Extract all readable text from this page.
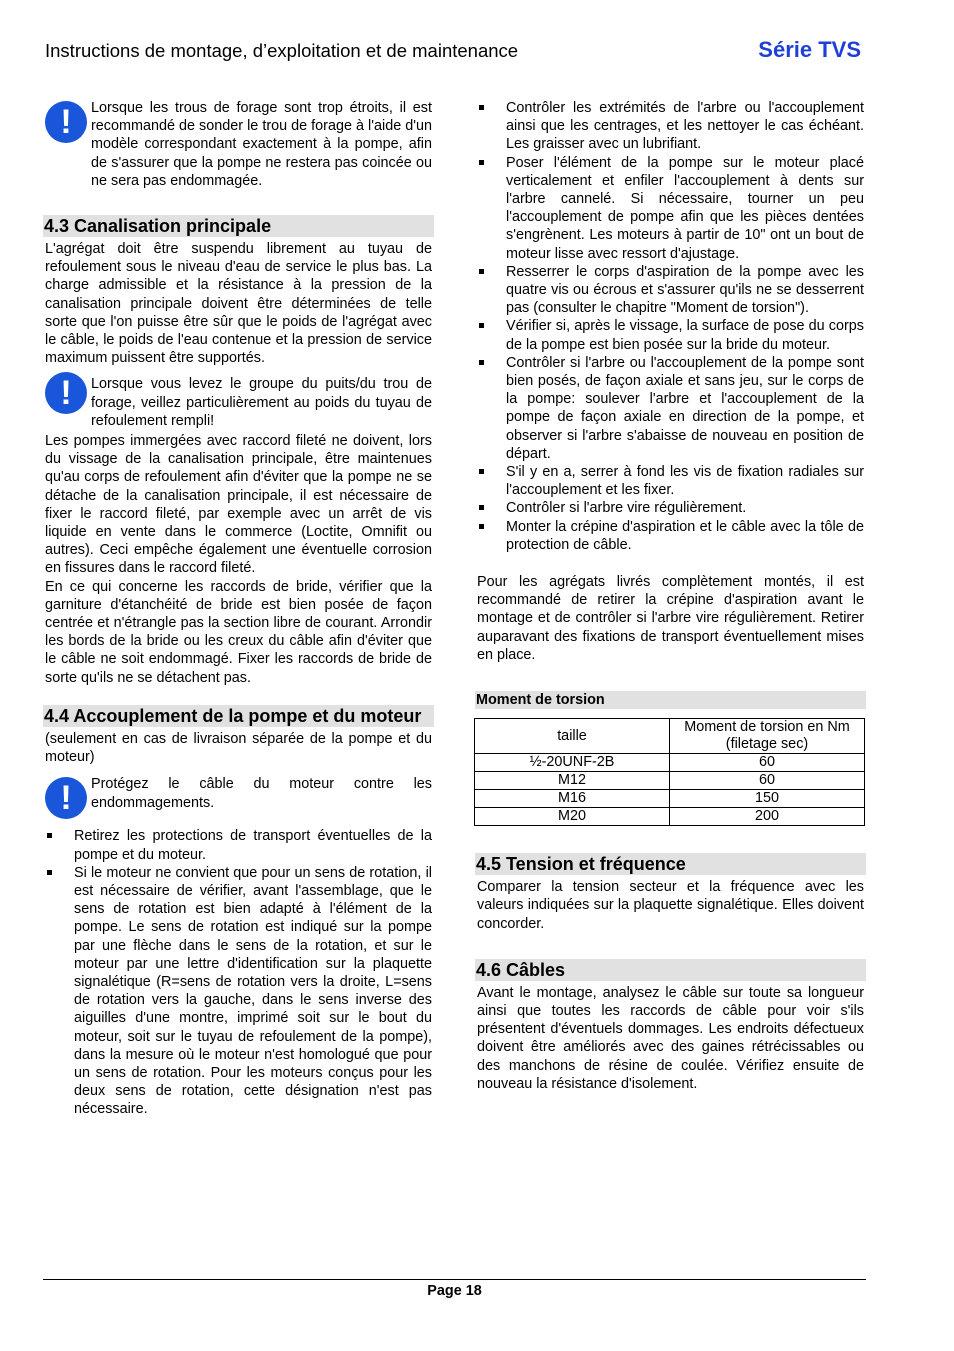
Instructions de montage, d’exploitation et de maintenance	Série TVS
!	Lorsque les trous de forage sont trop étroits, il est recommandé de sonder le trou de forage à l'aide d'un modèle correspondant exactement à la pompe, afin de s'assurer que la pompe ne restera pas coincée ou ne sera pas endommagée.

4.3 Canalisation principale

L'agrégat doit être suspendu librement au tuyau de refoulement sous le niveau d'eau de service le plus bas. La charge admissible et la résistance à la pression de la canalisation principale doivent être déterminées de telle sorte que l'on puisse être sûr que le poids de l'agrégat avec le câble, le poids de l'eau contenue et la pression de service maximum puissent être supportés.

!	Lorsque vous levez le groupe du puits/du trou de forage, veillez particulièrement au poids du tuyau de refoulement rempli!

Les pompes immergées avec raccord fileté ne doivent, lors du vissage de la canalisation principale, être maintenues qu'au corps de refoulement afin d'éviter que la pompe ne se détache de la canalisation principale, il est nécessaire de fixer le raccord fileté, par exemple avec un arrêt de vis liquide en vente dans le commerce (Loctite, Omnifit ou autres). Ceci empêche également une éventuelle corrosion en fissures dans le raccord fileté.

En ce qui concerne les raccords de bride, vérifier que la garniture d'étanchéité de bride est bien posée de façon centrée et n'étrangle pas la section libre de courant. Arrondir les bords de la bride ou les creux du câble afin d'éviter que le câble ne soit endommagé. Fixer les raccords de bride de sorte qu'ils ne se détachent pas.

4.4 Accouplement de la pompe et du moteur

(seulement en cas de livraison séparée de la pompe et du moteur)

!	Protégez le câble du moteur contre les endommagements.

Retirez les protections de transport éventuelles de la pompe et du moteur.
Si le moteur ne convient que pour un sens de rotation, il est nécessaire de vérifier, avant l'assemblage, que le sens de rotation est bien adapté à l'élément de la pompe. Le sens de rotation est indiqué sur la pompe par une flèche dans le sens de la rotation, et sur le moteur par une lettre d'identification sur la plaquette signalétique (R=sens de rotation vers la droite, L=sens de rotation vers la gauche, dans le sens inverse des aiguilles d'une montre, imprimé soit sur le bout du moteur, soit sur le tuyau de refoulement de la pompe), dans la mesure où le moteur n'est homologué que pour un sens de rotation. Pour les moteurs conçus pour les deux sens de rotation, cette désignation n'est pas nécessaire.
Contrôler les extrémités de l'arbre ou l'accouplement ainsi que les centrages, et les nettoyer le cas échéant. Les graisser avec un lubrifiant.
Poser l'élément de la pompe sur le moteur placé verticalement et enfiler l'accouplement à dents sur l'arbre cannelé. Si nécessaire, tourner un peu l'accouplement de pompe afin que les pièces dentées s'engrènent. Les moteurs à partir de 10" ont un bout de moteur lisse avec ressort d'ajustage.
Resserrer le corps d'aspiration de la pompe avec les quatre vis ou écrous et s'assurer qu'ils ne se desserrent pas (consulter le chapitre "Moment de torsion").
Vérifier si, après le vissage, la surface de pose du corps de la pompe est bien posée sur la bride du moteur.
Contrôler si l'arbre ou l'accouplement de la pompe sont bien posés, de façon axiale et sans jeu, sur le corps de la pompe: soulever l'arbre et l'accouplement de la pompe de façon axiale en direction de la pompe, et observer si l'arbre s'abaisse de nouveau en position de départ.
S'il y en a, serrer à fond les vis de fixation radiales sur l'accouplement et les fixer.
Contrôler si l'arbre vire régulièrement.
Monter la crépine d'aspiration et le câble avec la tôle de protection de câble.

Pour les agrégats livrés complètement montés, il est recommandé de retirer la crépine d'aspiration avant le montage et de contrôler si l'arbre vire régulièrement. Retirer auparavant des fixations de transport éventuellement mises en place.

Moment de torsion
taille	Moment de torsion en Nm (filetage sec)
½-20UNF-2B	60
M12	60
M16	150
M20	200
4.5 Tension et fréquence

Comparer la tension secteur et la fréquence avec les valeurs indiquées sur la plaquette signalétique. Elles doivent concorder.

4.6 Câbles

Avant le montage, analysez le câble sur toute sa longueur ainsi que toutes les raccords de câble pour voir s'ils présentent d'éventuels dommages. Les endroits défectueux doivent être améliorés avec des gaines rétrécissables ou des manchons de résine de coulée. Vérifiez ensuite de nouveau la résistance d'isolement.

Page 18
